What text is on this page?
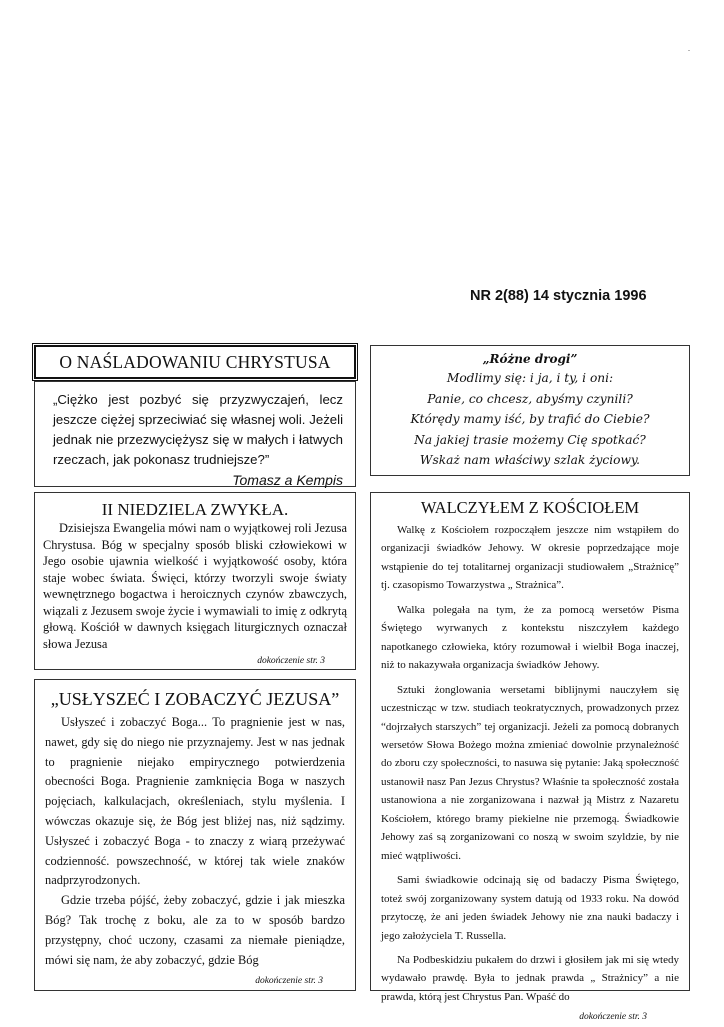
.
NR 2(88) 14 stycznia 1996
O NAŚLADOWANIU CHRYSTUSA
„Ciężko jest pozbyć się przyzwyczajeń, lecz jeszcze ciężej sprzeciwiać się własnej woli. Jeżeli jednak nie przezwyciężysz się w małych i łatwych rzeczach, jak pokonasz trudniejsze?”
Tomasz a Kempis
„Różne drogi”
Modlimy się: i ja, i ty, i oni:
Panie, co chcesz, abyśmy czynili?
Którędy mamy iść, by trafić do Ciebie?
Na jakiej trasie możemy Cię spotkać?
Wskaż nam właściwy szlak życiowy.
II NIEDZIELA ZWYKŁA.

Dzisiejsza Ewangelia mówi nam o wyjątkowej roli Jezusa Chrystusa. Bóg w specjalny sposób bliski człowiekowi w Jego osobie ujawnia wielkość i wyjątkowość osoby, która staje wobec świata. Święci, którzy tworzyli swoje światy wewnętrznego bogactwa i heroicznych czynów zbawczych, wiązali z Jezusem swoje życie i wymawiali to imię z odkrytą głową. Kościół w dawnych księgach liturgicznych oznaczał słowa Jezusa

dokończenie str. 3
„USŁYSZEĆ I ZOBACZYĆ JEZUSA”

Usłyszeć i zobaczyć Boga... To pragnienie jest w nas, nawet, gdy się do niego nie przyznajemy. Jest w nas jednak to pragnienie niejako empirycznego potwierdzenia obecności Boga. Pragnienie zamknięcia Boga w naszych pojęciach, kalkulacjach, określeniach, stylu myślenia. I wówczas okazuje się, że Bóg jest bliżej nas, niż sądzimy. Usłyszeć i zobaczyć Boga - to znaczy z wiarą przeżywać codzienność. powszechność, w której tak wiele znaków nadprzyrodzonych.

Gdzie trzeba pójść, żeby zobaczyć, gdzie i jak mieszka Bóg? Tak trochę z boku, ale za to w sposób bardzo przystępny, choć uczony, czasami za niemałe pieniądze, mówi się nam, że aby zobaczyć, gdzie Bóg

dokończenie str. 3
WALCZYŁEM Z KOŚCIOŁEM

Walkę z Kościołem rozpocząłem jeszcze nim wstąpiłem do organizacji świadków Jehowy. W okresie poprzedzające moje wstąpienie do tej totalitarnej organizacji studiowałem „Strażnicę” tj. czasopismo Towarzystwa „ Strażnica”.

Walka polegała na tym, że za pomocą wersetów Pisma Świętego wyrwanych z kontekstu niszczyłem każdego napotkanego człowieka, który rozumował i wielbił Boga inaczej, niż to nakazywała organizacja świadków Jehowy.

Sztuki żonglowania wersetami biblijnymi nauczyłem się uczestnicząc w tzw. studiach teokratycznych, prowadzonych przez “dojrzałych starszych” tej organizacji. Jeżeli za pomocą dobranych wersetów Słowa Bożego można zmieniać dowolnie przynależność do zboru czy społeczności, to nasuwa się pytanie: Jaką społeczność ustanowił nasz Pan Jezus Chrystus? Właśnie ta społeczność została ustanowiona a nie zorganizowana i nazwał ją Mistrz z Nazaretu Kościołem, którego bramy piekielne nie przemogą. Świadkowie Jehowy zaś są zorganizowani co noszą w swoim szyldzie, by nie mieć wątpliwości.

Sami świadkowie odcinają się od badaczy Pisma Świętego, toteż swój zorganizowany system datują od 1933 roku. Na dowód przytoczę, że ani jeden świadek Jehowy nie zna nauki badaczy i jego założyciela T. Russella.

Na Podbeskidziu pukałem do drzwi i głosiłem jak mi się wtedy wydawało prawdę. Była to jednak prawda „ Strażnicy” a nie prawda, którą jest Chrystus Pan. Wpaść do

dokończenie str. 3
